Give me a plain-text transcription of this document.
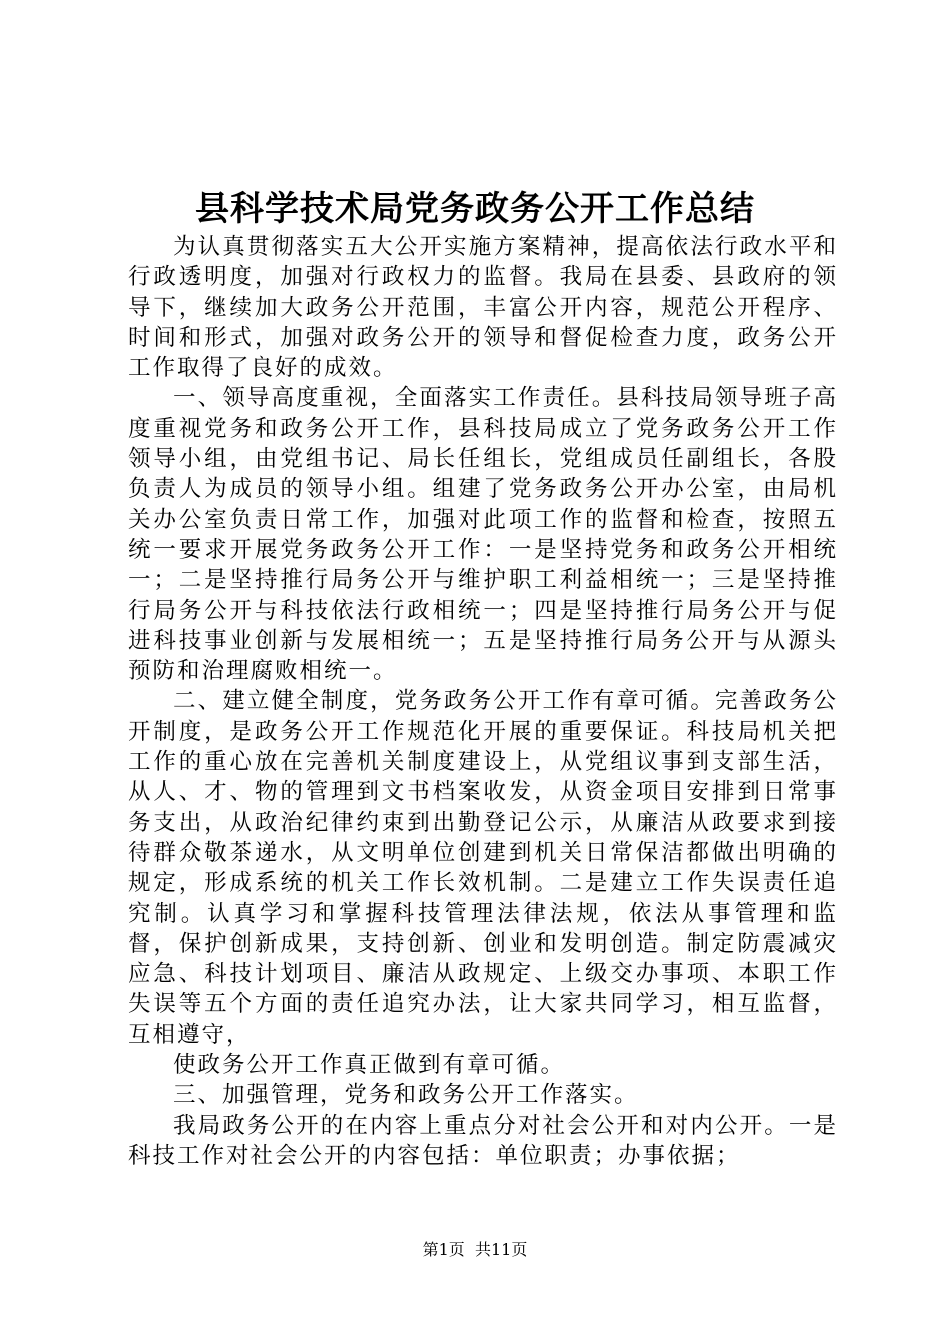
县科学技术局党务政务公开工作总结

为认真贯彻落实五大公开实施方案精神，提高依法行政水平和行政透明度，加强对行政权力的监督。我局在县委、县政府的领导下，继续加大政务公开范围，丰富公开内容，规范公开程序、时间和形式，加强对政务公开的领导和督促检查力度，政务公开工作取得了良好的成效。

一、领导高度重视，全面落实工作责任。县科技局领导班子高度重视党务和政务公开工作，县科技局成立了党务政务公开工作领导小组，由党组书记、局长任组长，党组成员任副组长，各股负责人为成员的领导小组。组建了党务政务公开办公室，由局机关办公室负责日常工作，加强对此项工作的监督和检查，按照五统一要求开展党务政务公开工作：一是坚持党务和政务公开相统一；二是坚持推行局务公开与维护职工利益相统一；三是坚持推行局务公开与科技依法行政相统一；四是坚持推行局务公开与促进科技事业创新与发展相统一；五是坚持推行局务公开与从源头预防和治理腐败相统一。

二、建立健全制度，党务政务公开工作有章可循。完善政务公开制度，是政务公开工作规范化开展的重要保证。科技局机关把工作的重心放在完善机关制度建设上，从党组议事到支部生活，从人、才、物的管理到文书档案收发，从资金项目安排到日常事务支出，从政治纪律约束到出勤登记公示，从廉洁从政要求到接待群众敬茶递水，从文明单位创建到机关日常保洁都做出明确的规定，形成系统的机关工作长效机制。二是建立工作失误责任追究制。认真学习和掌握科技管理法律法规，依法从事管理和监督，保护创新成果，支持创新、创业和发明创造。制定防震减灾应急、科技计划项目、廉洁从政规定、上级交办事项、本职工作失误等五个方面的责任追究办法，让大家共同学习，相互监督，互相遵守，

使政务公开工作真正做到有章可循。

三、加强管理，党务和政务公开工作落实。

我局政务公开的在内容上重点分对社会公开和对内公开。一是科技工作对社会公开的内容包括：单位职责；办事依据；

第1页 共11页
